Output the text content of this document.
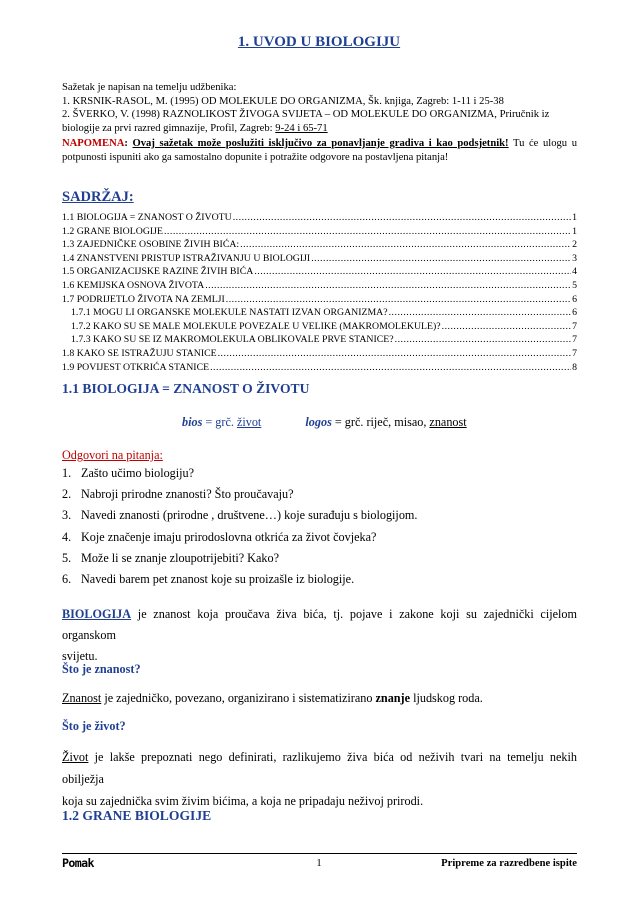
1. UVOD U BIOLOGIJU
Sažetak je napisan na temelju udžbenika:
1. KRSNIK-RASOL, M. (1995) OD MOLEKULE DO ORGANIZMA, Šk. knjiga, Zagreb: 1-11 i 25-38
2. ŠVERKO, V. (1998) RAZNOLIKOST ŽIVOGA SVIJETA – OD MOLEKULE DO ORGANIZMA, Priručnik iz
biologije za prvi razred gimnazije, Profil, Zagreb: 9-24 i 65-71
NAPOMENA: Ovaj sažetak može poslužiti isključivo za ponavljanje gradiva i kao podsjetnik! Tu će ulogu u
potpunosti ispuniti ako ga samostalno dopunite i potražite odgovore na postavljena pitanja!
SADRŽAJ:
1.1 BIOLOGIJA = ZNANOST O ŽIVOTU .....	1
1.2 GRANE BIOLOGIJE .....	1
1.3 ZAJEDNIČKE OSOBINE ŽIVIH BIĆA: .....	2
1.4 ZNANSTVENI PRISTUP ISTRAŽIVANJU U BIOLOGIJI .....	3
1.5 ORGANIZACIJSKE RAZINE ŽIVIH BIĆA .....	4
1.6 KEMIJSKA OSNOVA ŽIVOTA .....	5
1.7 PODRIJETLO ŽIVOTA NA ZEMLJI .....	6
1.7.1 MOGU LI ORGANSKE MOLEKULE NASTATI IZVAN ORGANIZMA? .....	6
1.7.2 KAKO SU SE MALE MOLEKULE POVEZALE U VELIKE (MAKROMOLEKULE)? .....	7
1.7.3 KAKO SU SE IZ MAKROMOLEKULA OBLIKOVALE PRVE STANICE? .....	7
1.8 KAKO SE ISTRAŽUJU STANICE .....	7
1.9 POVIJEST OTKRIĆA STANICE .....	8
1.1 BIOLOGIJA = ZNANOST O ŽIVOTU
bios = grč. život	logos = grč. riječ, misao, znanost
Odgovori na pitanja:
1. Zašto učimo biologiju?
2. Nabroji prirodne znanosti? Što proučavaju?
3. Navedi znanosti (prirodne , društvene…) koje surađuju s biologijom.
4. Koje značenje imaju prirodoslovna otkrića za život čovjeka?
5. Može li se znanje zloupotrijebiti? Kako?
6. Navedi barem pet znanost koje su proizašle iz biologije.
BIOLOGIJA je znanost koja proučava živa bića, tj. pojave i zakone koji su zajednički cijelom organskom
svijetu.
Što je znanost?
Znanost je zajedničko, povezano, organizirano i sistematizirano znanje ljudskog roda.
Što je život?
Život je lakše prepoznati nego definirati, razlikujemo živa bića od neživih tvari na temelju nekih obilježja
koja su zajednička svim živim bićima, a koja ne pripadaju neživoj prirodi.
1.2 GRANE BIOLOGIJE
Pomak	1	Pripreme za razredbene ispite
